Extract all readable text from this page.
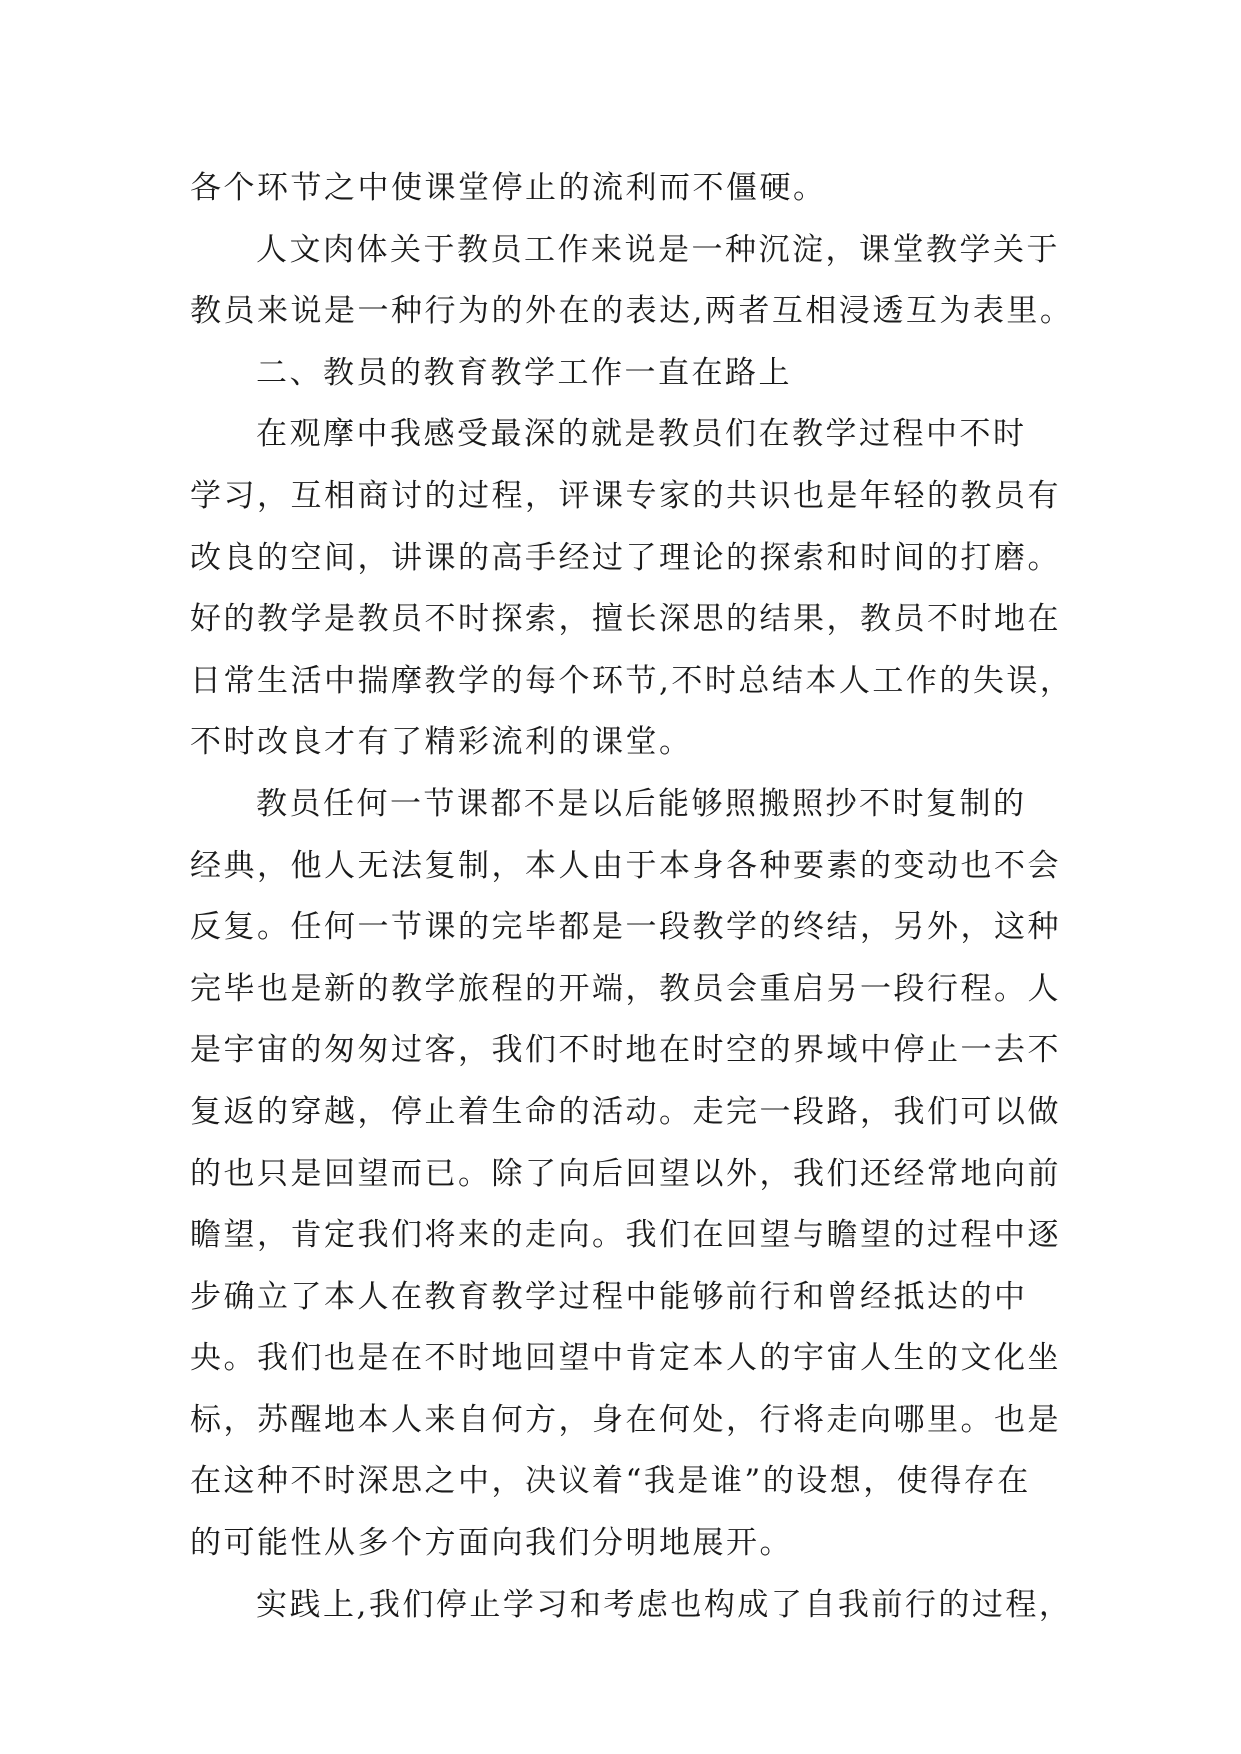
各个环节之中使课堂停止的流利而不僵硬。
人文肉体关于教员工作来说是一种沉淀，课堂教学关于
教员来说是一种行为的外在的表达,两者互相浸透互为表里。
二、教员的教育教学工作一直在路上
在观摩中我感受最深的就是教员们在教学过程中不时
学习，互相商讨的过程，评课专家的共识也是年轻的教员有
改良的空间，讲课的高手经过了理论的探索和时间的打磨。
好的教学是教员不时探索，擅长深思的结果，教员不时地在
日常生活中揣摩教学的每个环节,不时总结本人工作的失误，
不时改良才有了精彩流利的课堂。
教员任何一节课都不是以后能够照搬照抄不时复制的
经典，他人无法复制，本人由于本身各种要素的变动也不会
反复。任何一节课的完毕都是一段教学的终结，另外，这种
完毕也是新的教学旅程的开端，教员会重启另一段行程。人
是宇宙的匆匆过客，我们不时地在时空的界域中停止一去不
复返的穿越，停止着生命的活动。走完一段路，我们可以做
的也只是回望而已。除了向后回望以外，我们还经常地向前
瞻望，肯定我们将来的走向。我们在回望与瞻望的过程中逐
步确立了本人在教育教学过程中能够前行和曾经抵达的中
央。我们也是在不时地回望中肯定本人的宇宙人生的文化坐
标，苏醒地本人来自何方，身在何处，行将走向哪里。也是
在这种不时深思之中，决议着“我是谁”的设想，使得存在
的可能性从多个方面向我们分明地展开。
实践上,我们停止学习和考虑也构成了自我前行的过程，
